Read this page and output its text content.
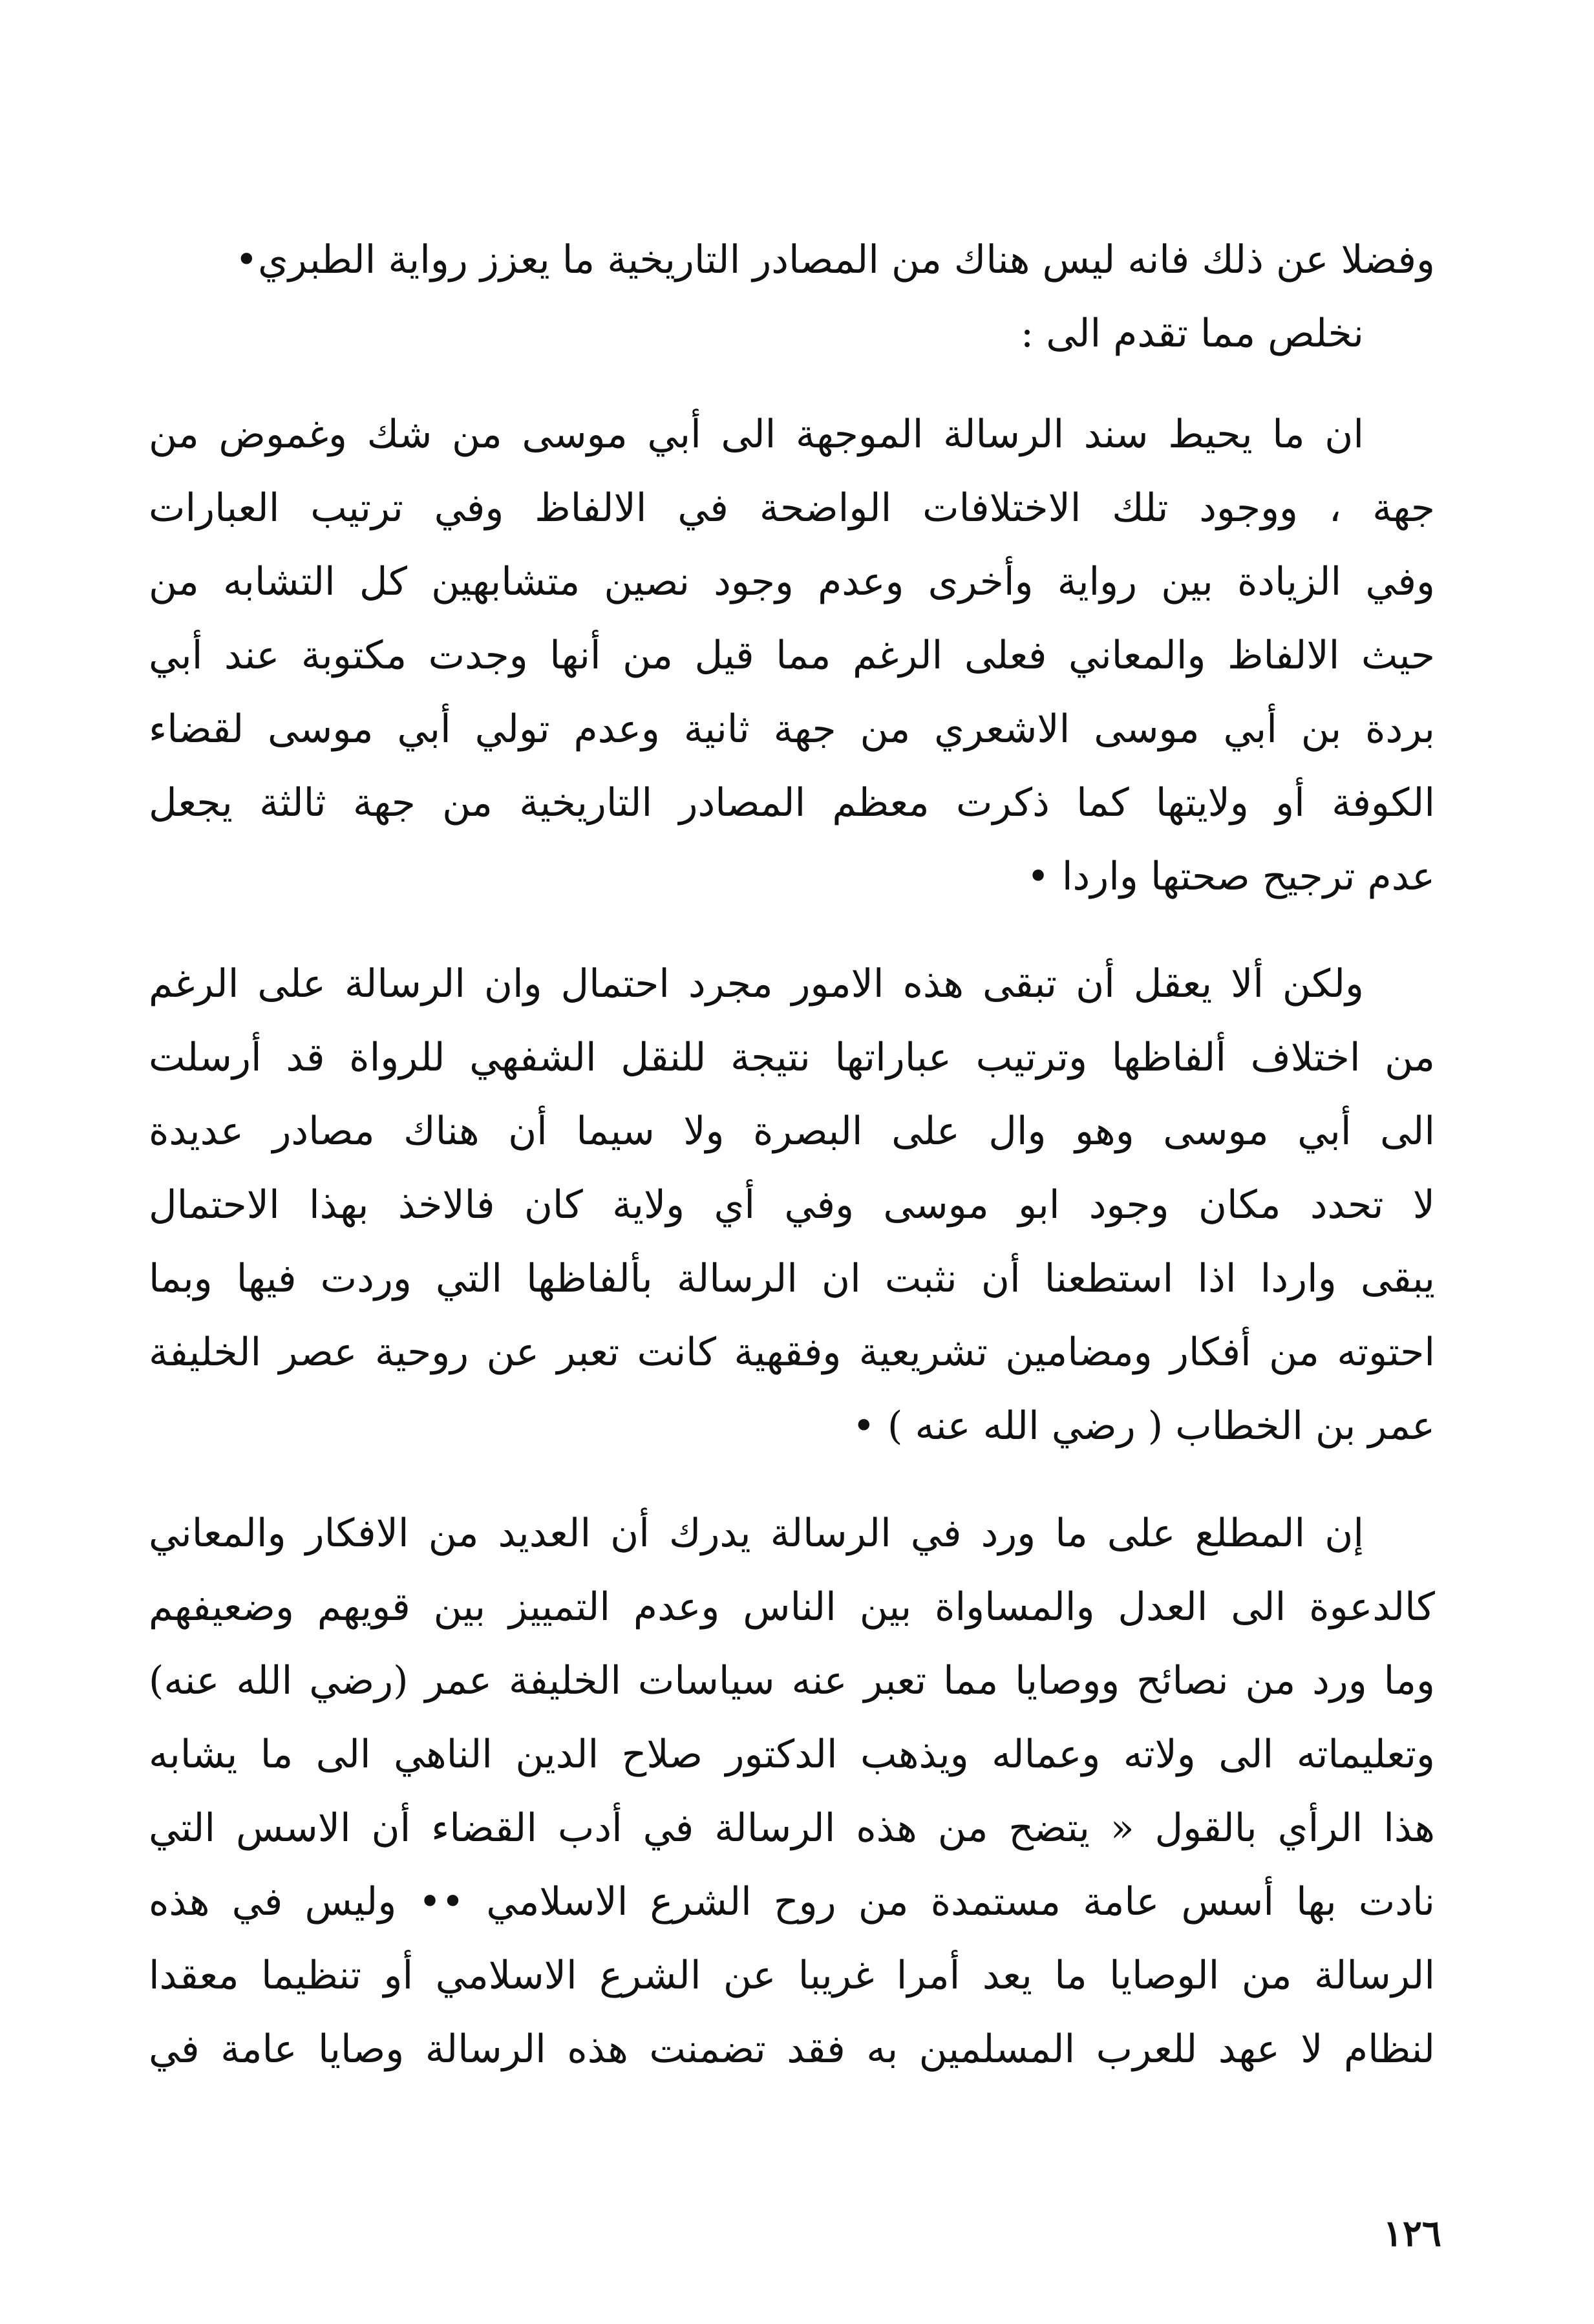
وفضلا عن ذلك فانه ليس هناك من المصادر التاريخية ما يعزز رواية الطبري•
نخلص مما تقدم الى :
ان ما يحيط سند الرسالة الموجهة الى أبي موسى من شك وغموض من
جهة ، ووجود تلك الاختلافات الواضحة في الالفاظ وفي ترتيب العبارات
وفي الزيادة بين رواية وأخرى وعدم وجود نصين متشابهين كل التشابه من
حيث الالفاظ والمعاني فعلى الرغم مما قيل من أنها وجدت مكتوبة عند أبي
بردة بن أبي موسى الاشعري من جهة ثانية وعدم تولي أبي موسى لقضاء
الكوفة أو ولايتها كما ذكرت معظم المصادر التاريخية من جهة ثالثة يجعل
عدم ترجيح صحتها واردا •
ولكن ألا يعقل أن تبقى هذه الامور مجرد احتمال وان الرسالة على الرغم
من اختلاف ألفاظها وترتيب عباراتها نتيجة للنقل الشفهي للرواة قد أرسلت
الى أبي موسى وهو وال على البصرة ولا سيما أن هناك مصادر عديدة
لا تحدد مكان وجود ابو موسى وفي أي ولاية كان فالاخذ بهذا الاحتمال
يبقى واردا اذا استطعنا أن نثبت ان الرسالة بألفاظها التي وردت فيها وبما
احتوته من أفكار ومضامين تشريعية وفقهية كانت تعبر عن روحية عصر الخليفة
عمر بن الخطاب ( رضي الله عنه ) •
إن المطلع على ما ورد في الرسالة يدرك أن العديد من الافكار والمعاني
كالدعوة الى العدل والمساواة بين الناس وعدم التمييز بين قويهم وضعيفهم
وما ورد من نصائح ووصايا مما تعبر عنه سياسات الخليفة عمر (رضي الله عنه)
وتعليماته الى ولاته وعماله ويذهب الدكتور صلاح الدين الناهي الى ما يشابه
هذا الرأي بالقول « يتضح من هذه الرسالة في أدب القضاء أن الاسس التي
نادت بها أسس عامة مستمدة من روح الشرع الاسلامي •• وليس في هذه
الرسالة من الوصايا ما يعد أمرا غريبا عن الشرع الاسلامي أو تنظيما معقدا
لنظام لا عهد للعرب المسلمين به فقد تضمنت هذه الرسالة وصايا عامة في
١٢٦
